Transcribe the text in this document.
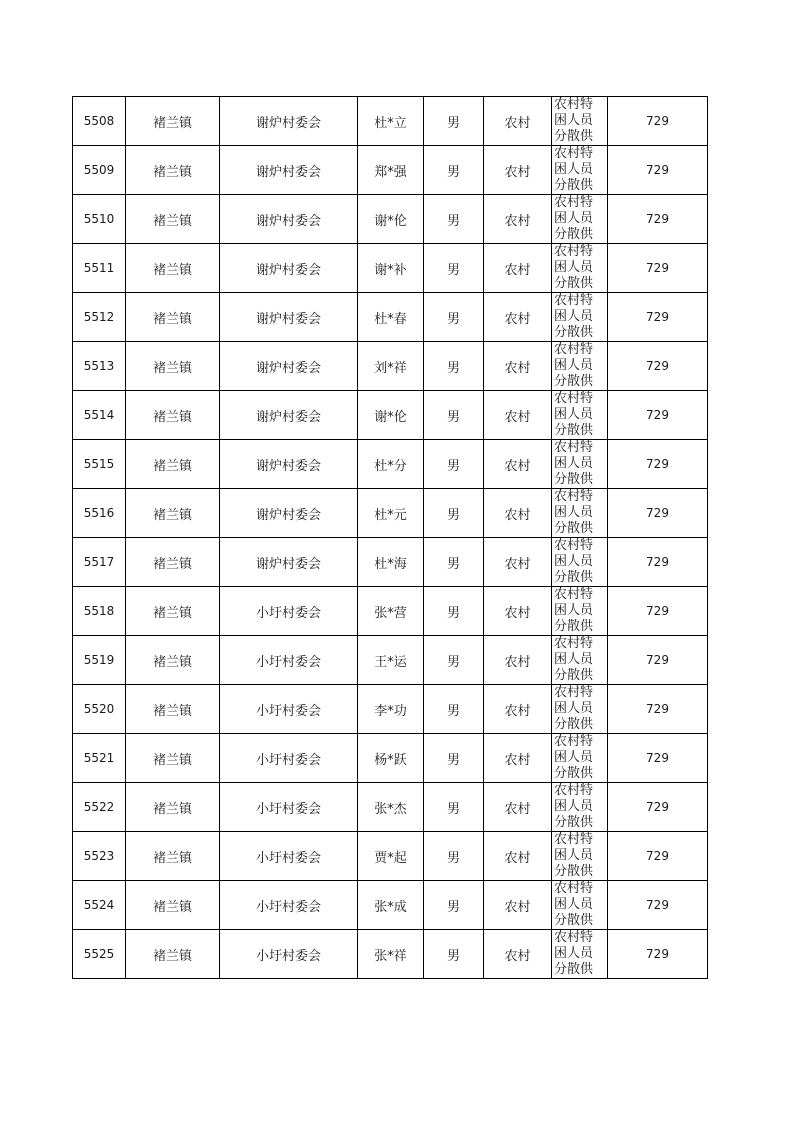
5508	褚兰镇	谢炉村委会	杜*立	男	农村	农村特困人员分散供	729
5509	褚兰镇	谢炉村委会	郑*强	男	农村	农村特困人员分散供	729
5510	褚兰镇	谢炉村委会	谢*伦	男	农村	农村特困人员分散供	729
5511	褚兰镇	谢炉村委会	谢*补	男	农村	农村特困人员分散供	729
5512	褚兰镇	谢炉村委会	杜*春	男	农村	农村特困人员分散供	729
5513	褚兰镇	谢炉村委会	刘*祥	男	农村	农村特困人员分散供	729
5514	褚兰镇	谢炉村委会	谢*伦	男	农村	农村特困人员分散供	729
5515	褚兰镇	谢炉村委会	杜*分	男	农村	农村特困人员分散供	729
5516	褚兰镇	谢炉村委会	杜*元	男	农村	农村特困人员分散供	729
5517	褚兰镇	谢炉村委会	杜*海	男	农村	农村特困人员分散供	729
5518	褚兰镇	小圩村委会	张*营	男	农村	农村特困人员分散供	729
5519	褚兰镇	小圩村委会	王*运	男	农村	农村特困人员分散供	729
5520	褚兰镇	小圩村委会	李*功	男	农村	农村特困人员分散供	729
5521	褚兰镇	小圩村委会	杨*跃	男	农村	农村特困人员分散供	729
5522	褚兰镇	小圩村委会	张*杰	男	农村	农村特困人员分散供	729
5523	褚兰镇	小圩村委会	贾*起	男	农村	农村特困人员分散供	729
5524	褚兰镇	小圩村委会	张*成	男	农村	农村特困人员分散供	729
5525	褚兰镇	小圩村委会	张*祥	男	农村	农村特困人员分散供	729
